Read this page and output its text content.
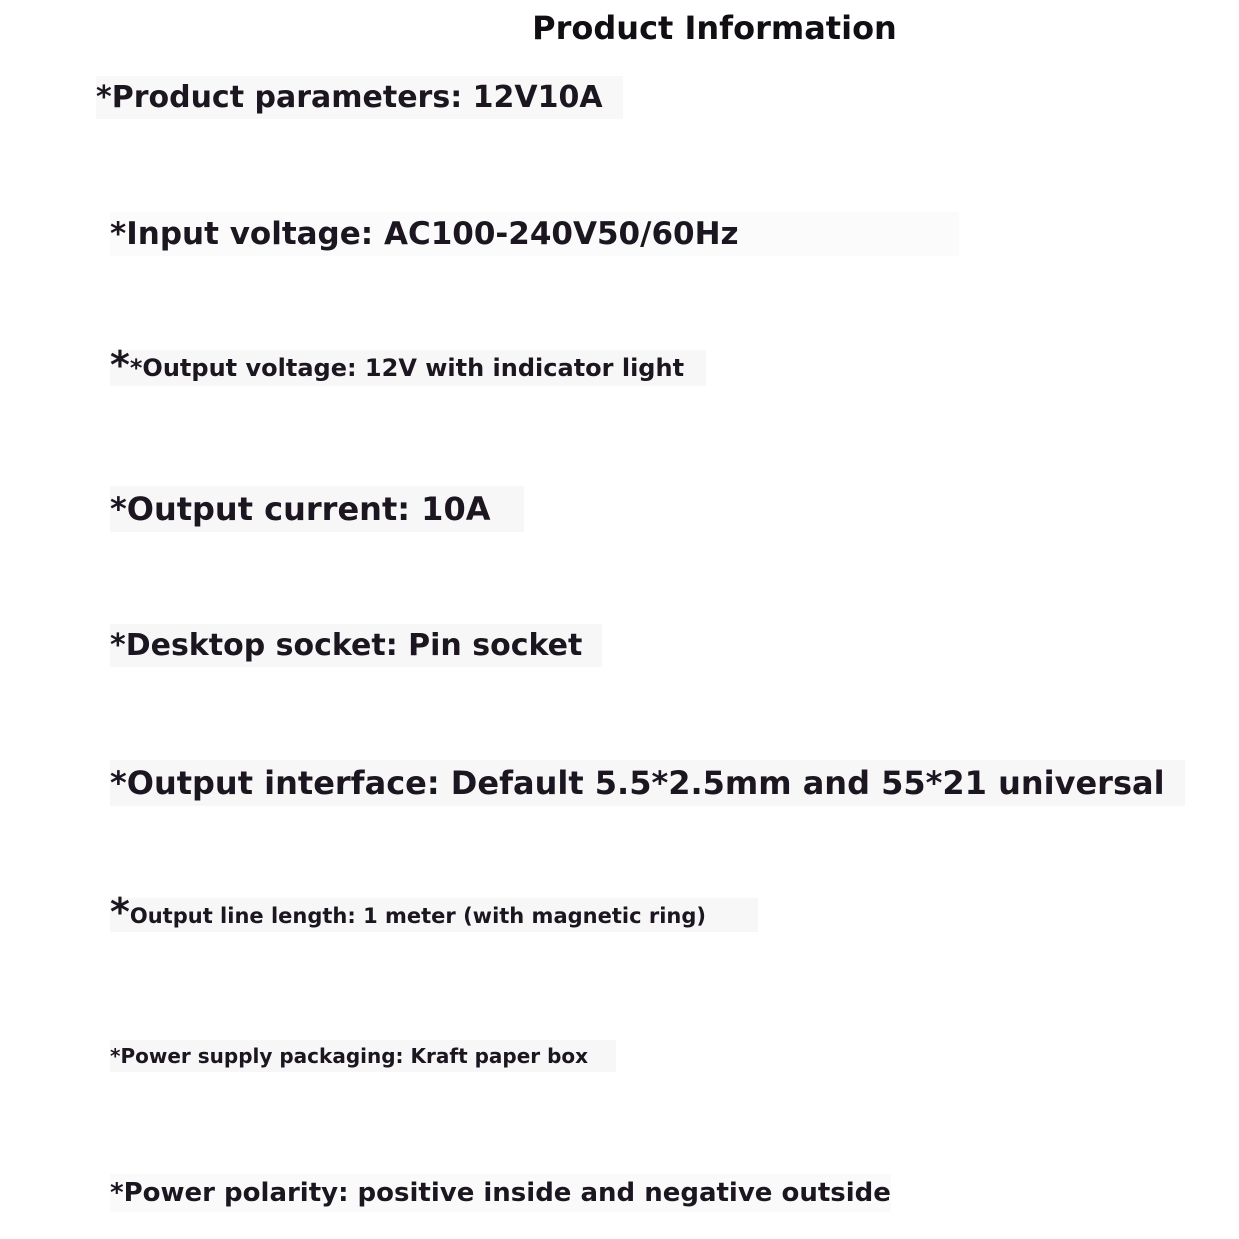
Product Information
*Product parameters: 12V10A
*Input voltage: AC100-240V50/60Hz
**Output voltage: 12V with indicator light
*Output current: 10A
*Desktop socket: Pin socket
*Output interface: Default 5.5*2.5mm and 55*21 universal
*Output line length: 1 meter (with magnetic ring)
*Power supply packaging: Kraft paper box
*Power polarity: positive inside and negative outside
